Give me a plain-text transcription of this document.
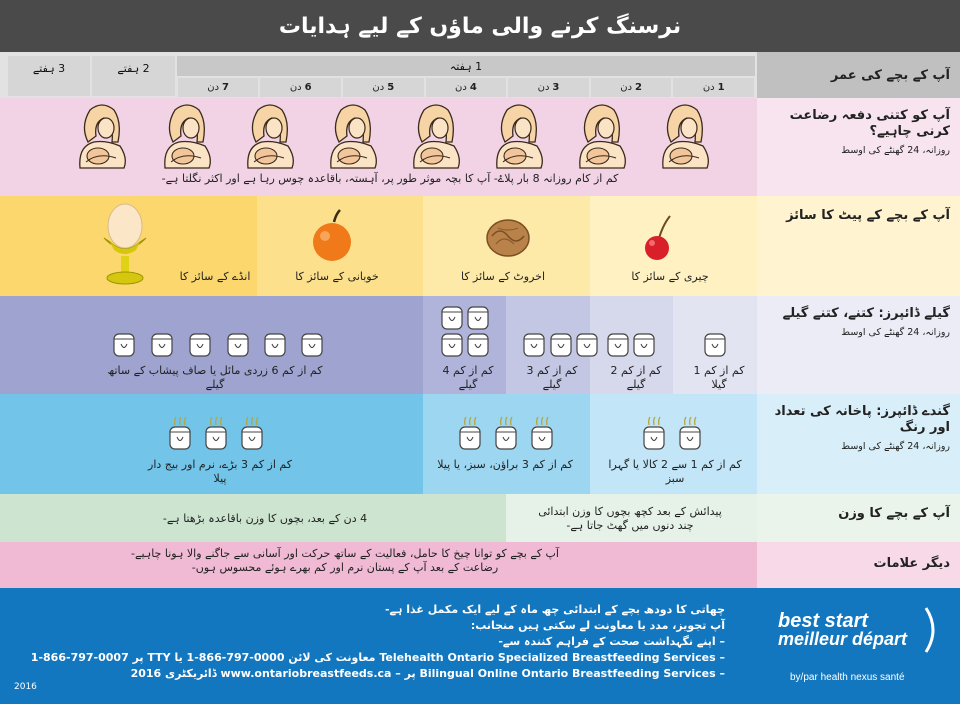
نرسنگ کرنے والی ماؤں کے لیے ہدایات
آپ کے بچے کی عمر
1 ہفتہ
2 ہفتے
3 ہفتے
1
دن
2
دن
3
دن
4
دن
5
دن
6
دن
7
دن
آپ کو کتنی دفعہ رضاعت کرنی چاہیے؟
روزانہ، 24 گھنٹے کی اوسط
کم از کام روزانہ 8 بار پلاۓ- آپ کا بچہ موثر طور پر، آہستہ، باقاعدہ چوس رہا ہے اور اکثر نگلتا ہے-
آپ کے بچے کے پیٹ کا سائز
چیری کے سائز کا
اخروٹ کے سائز کا
خوبانی کے سائز کا
انڈے کے سائز کا
گیلے ڈائپرز: کتنے، کتنے گیلے
روزانہ، 24 گھنٹے کی اوسط
کم از کم 1 گیلا
کم از کم 2 گیلے
کم از کم 3 گیلے
کم از کم 4 گیلے
کم از کم 6 زردی مائل یا صاف پیشاب کے ساتھ گیلے
گندے ڈائپرز: پاخانہ کی تعداد اور رنگ
روزانہ، 24 گھنٹے کی اوسط
کم از کم 1 سے 2 کالا یا گہرا سبز
کم از کم 3 براؤن، سبز، یا پیلا
کم از کم 3 بڑے، نرم اور بیج دار پیلا
آپ کے بچے کا وزن
پیدائش کے بعد کچھ بچوں کا وزن ابتدائی چند دنوں میں گھٹ جاتا ہے-
4 دن کے بعد، بچوں کا وزن باقاعدہ بڑھتا ہے-
دیگر علامات
آپ کے بچے کو توانا چیخ کا حامل، فعالیت کے ساتھ حرکت اور آسانی سے جاگنے والا ہونا چاہیے- رضاعت کے بعد آپ کے پستان نرم اور کم بھرے ہوئے محسوس ہوں-
چھاتی کا دودھ بچے کے ابتدائی چھ ماہ کے لیے ایک مکمل غذا ہے-
آپ تجویز، مدد یا معاونت لے سکتی ہیں منجانب:
– اپنے نگہداشت صحت کے فراہم کنندہ سے-
– Telehealth Ontario Specialized Breastfeeding Services معاونت کی لائن 0000-797-866-1 یا TTY پر 0007-797-866-1
– Bilingual Online Ontario Breastfeeding Services پر – www.ontariobreastfeeds.ca ڈائریکٹری 2016
2016
best start
meilleur départ
by/par health nexus santé
